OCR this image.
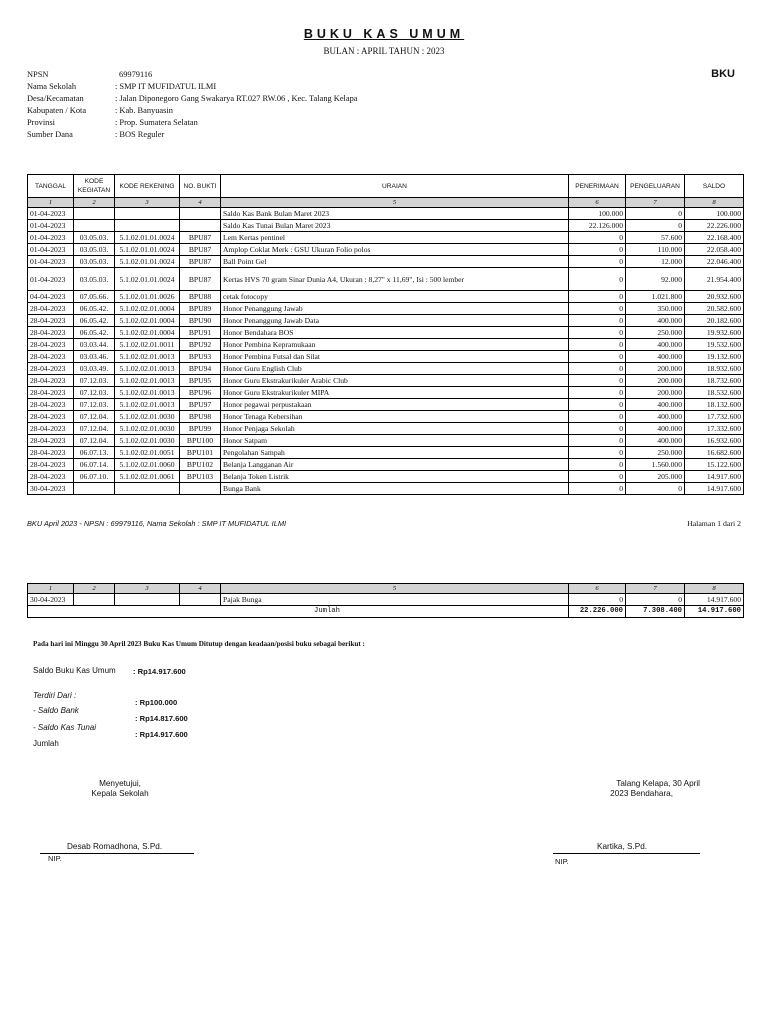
BUKU KAS UMUM
BULAN : APRIL TAHUN : 2023
BKU
NPSN	69979116
Nama Sekolah	: SMP IT MUFIDATUL ILMI
Desa/Kecamatan	: Jalan Diponegoro Gang Swakarya RT.027 RW.06 , Kec. Talang Kelapa
Kabupaten / Kota	: Kab. Banyuasin
Provinsi	: Prop. Sumatera Selatan
Sumber Dana	: BOS Reguler
TANGGAL	KODE KEGIATAN	KODE REKENING	NO. BUKTI	URAIAN	PENERIMAAN	PENGELUARAN	SALDO
1	2	3	4	5	6	7	8
01-04-2023				Saldo Kas Bank Bulan Maret 2023	100.000	0	100.000
01-04-2023				Saldo Kas Tunai Bulan Maret 2023	22.126.000	0	22.226.000
01-04-2023	03.05.03.	5.1.02.01.01.0024	BPU87	Lem Kertas pentinel	0	57.600	22.168.400
01-04-2023	03.05.03.	5.1.02.01.01.0024	BPU87	Amplop Coklat Merk : GSU Ukuran Folio polos	0	110.000	22.058.400
01-04-2023	03.05.03.	5.1.02.01.01.0024	BPU87	Ball Point Gel	0	12.000	22.046.400
01-04-2023	03.05.03.	5.1.02.01.01.0024	BPU87	Kertas HVS 70 gram Sinar Dunia A4, Ukuran : 8,27" x 11,69", Isi : 500 lember	0	92.000	21.954.400
04-04-2023	07.05.66.	5.1.02.01.01.0026	BPU88	cetak fotocopy	0	1.021.800	20.932.600
28-04-2023	06.05.42.	5.1.02.02.01.0004	BPU89	Honor Penanggung Jawab	0	350.000	20.582.600
28-04-2023	06.05.42.	5.1.02.02.01.0004	BPU90	Honor Penanggung Jawab Data	0	400.000	20.182.600
28-04-2023	06.05.42.	5.1.02.02.01.0004	BPU91	Honor Bendahara BOS	0	250.000	19.932.600
28-04-2023	03.03.44.	5.1.02.02.01.0011	BPU92	Honor Pembina Kepramukaan	0	400.000	19.532.600
28-04-2023	03.03.46.	5.1.02.02.01.0013	BPU93	Honor Pembina Futsal dan Silat	0	400.000	19.132.600
28-04-2023	03.03.49.	5.1.02.02.01.0013	BPU94	Honor Guru English Club	0	200.000	18.932.600
28-04-2023	07.12.03.	5.1.02.02.01.0013	BPU95	Honor Guru Ekstrakurikuler Arabic Club	0	200.000	18.732.600
28-04-2023	07.12.03.	5.1.02.02.01.0013	BPU96	Honor Guru Ekstrakurikuler MIPA	0	200.000	18.532.600
28-04-2023	07.12.03.	5.1.02.02.01.0013	BPU97	Honor pegawai perpustakaan	0	400.000	18.132.600
28-04-2023	07.12.04.	5.1.02.02.01.0030	BPU98	Honor Tenaga Kebersihan	0	400.000	17.732.600
28-04-2023	07.12.04.	5.1.02.02.01.0030	BPU99	Honor Penjaga Sekolah	0	400.000	17.332.600
28-04-2023	07.12.04.	5.1.02.02.01.0030	BPU100	Honor Satpam	0	400.000	16.932.600
28-04-2023	06.07.13.	5.1.02.02.01.0051	BPU101	Pengolahan Sampah	0	250.000	16.682.600
28-04-2023	06.07.14.	5.1.02.02.01.0060	BPU102	Belanja Langganan Air	0	1.560.000	15.122.600
28-04-2023	06.07.10.	5.1.02.02.01.0061	BPU103	Belanja Token Listrik	0	205.000	14.917.600
30-04-2023				Bunga Bank	0	0	14.917.600
BKU April 2023 - NPSN : 69979116, Nama Sekolah : SMP IT MUFIDATUL ILMI	Halaman 1 dari 2
1	2	3	4	5	6	7	8
30-04-2023				Pajak Bunga	0	0	14.917.600
Jumlah					22.226.000	7.308.400	14.917.600
Pada hari ini Minggu 30 April 2023 Buku Kas Umum Ditutup dengan keadaan/posisi buku sebagai berikut :
Saldo Buku Kas Umum	: Rp14.917.600
Terdiri Dari :
- Saldo Bank
: Rp100.000
- Saldo Kas Tunai
: Rp14.817.600
Jumlah
: Rp14.917.600
Menyetujui,
Kepala Sekolah
Desab Romadhona, S.Pd.
NIP.
Talang Kelapa, 30 April
2023 Bendahara,
Kartika, S.Pd.
NIP.
